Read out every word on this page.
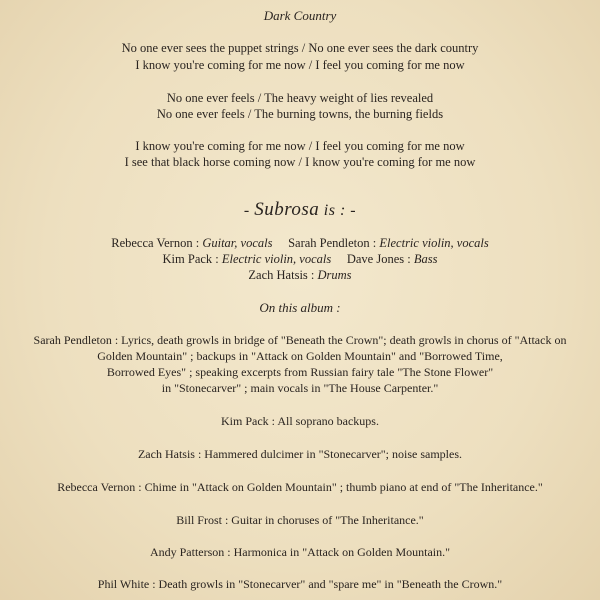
Dark Country
No one ever sees the puppet strings / No one ever sees the dark country
I know you're coming for me now / I feel you coming for me now
No one ever feels / The heavy weight of lies revealed
No one ever feels / The burning towns, the burning fields
I know you're coming for me now / I feel you coming for me now
I see that black horse coming now / I know you're coming for me now
- Subrosa is : -
Rebecca Vernon : Guitar, vocals Sarah Pendleton : Electric violin, vocals
Kim Pack : Electric violin, vocals Dave Jones : Bass
Zach Hatsis : Drums
On this album :
Sarah Pendleton : Lyrics, death growls in bridge of "Beneath the Crown"; death growls in chorus of "Attack on
Golden Mountain" ; backups in "Attack on Golden Mountain" and "Borrowed Time,
Borrowed Eyes" ; speaking excerpts from Russian fairy tale "The Stone Flower"
in "Stonecarver" ; main vocals in "The House Carpenter."
Kim Pack : All soprano backups.
Zach Hatsis : Hammered dulcimer in "Stonecarver"; noise samples.
Rebecca Vernon : Chime in "Attack on Golden Mountain" ; thumb piano at end of "The Inheritance."
Bill Frost : Guitar in choruses of "The Inheritance."
Andy Patterson : Harmonica in "Attack on Golden Mountain."
Phil White : Death growls in "Stonecarver" and "spare me" in "Beneath the Crown."
